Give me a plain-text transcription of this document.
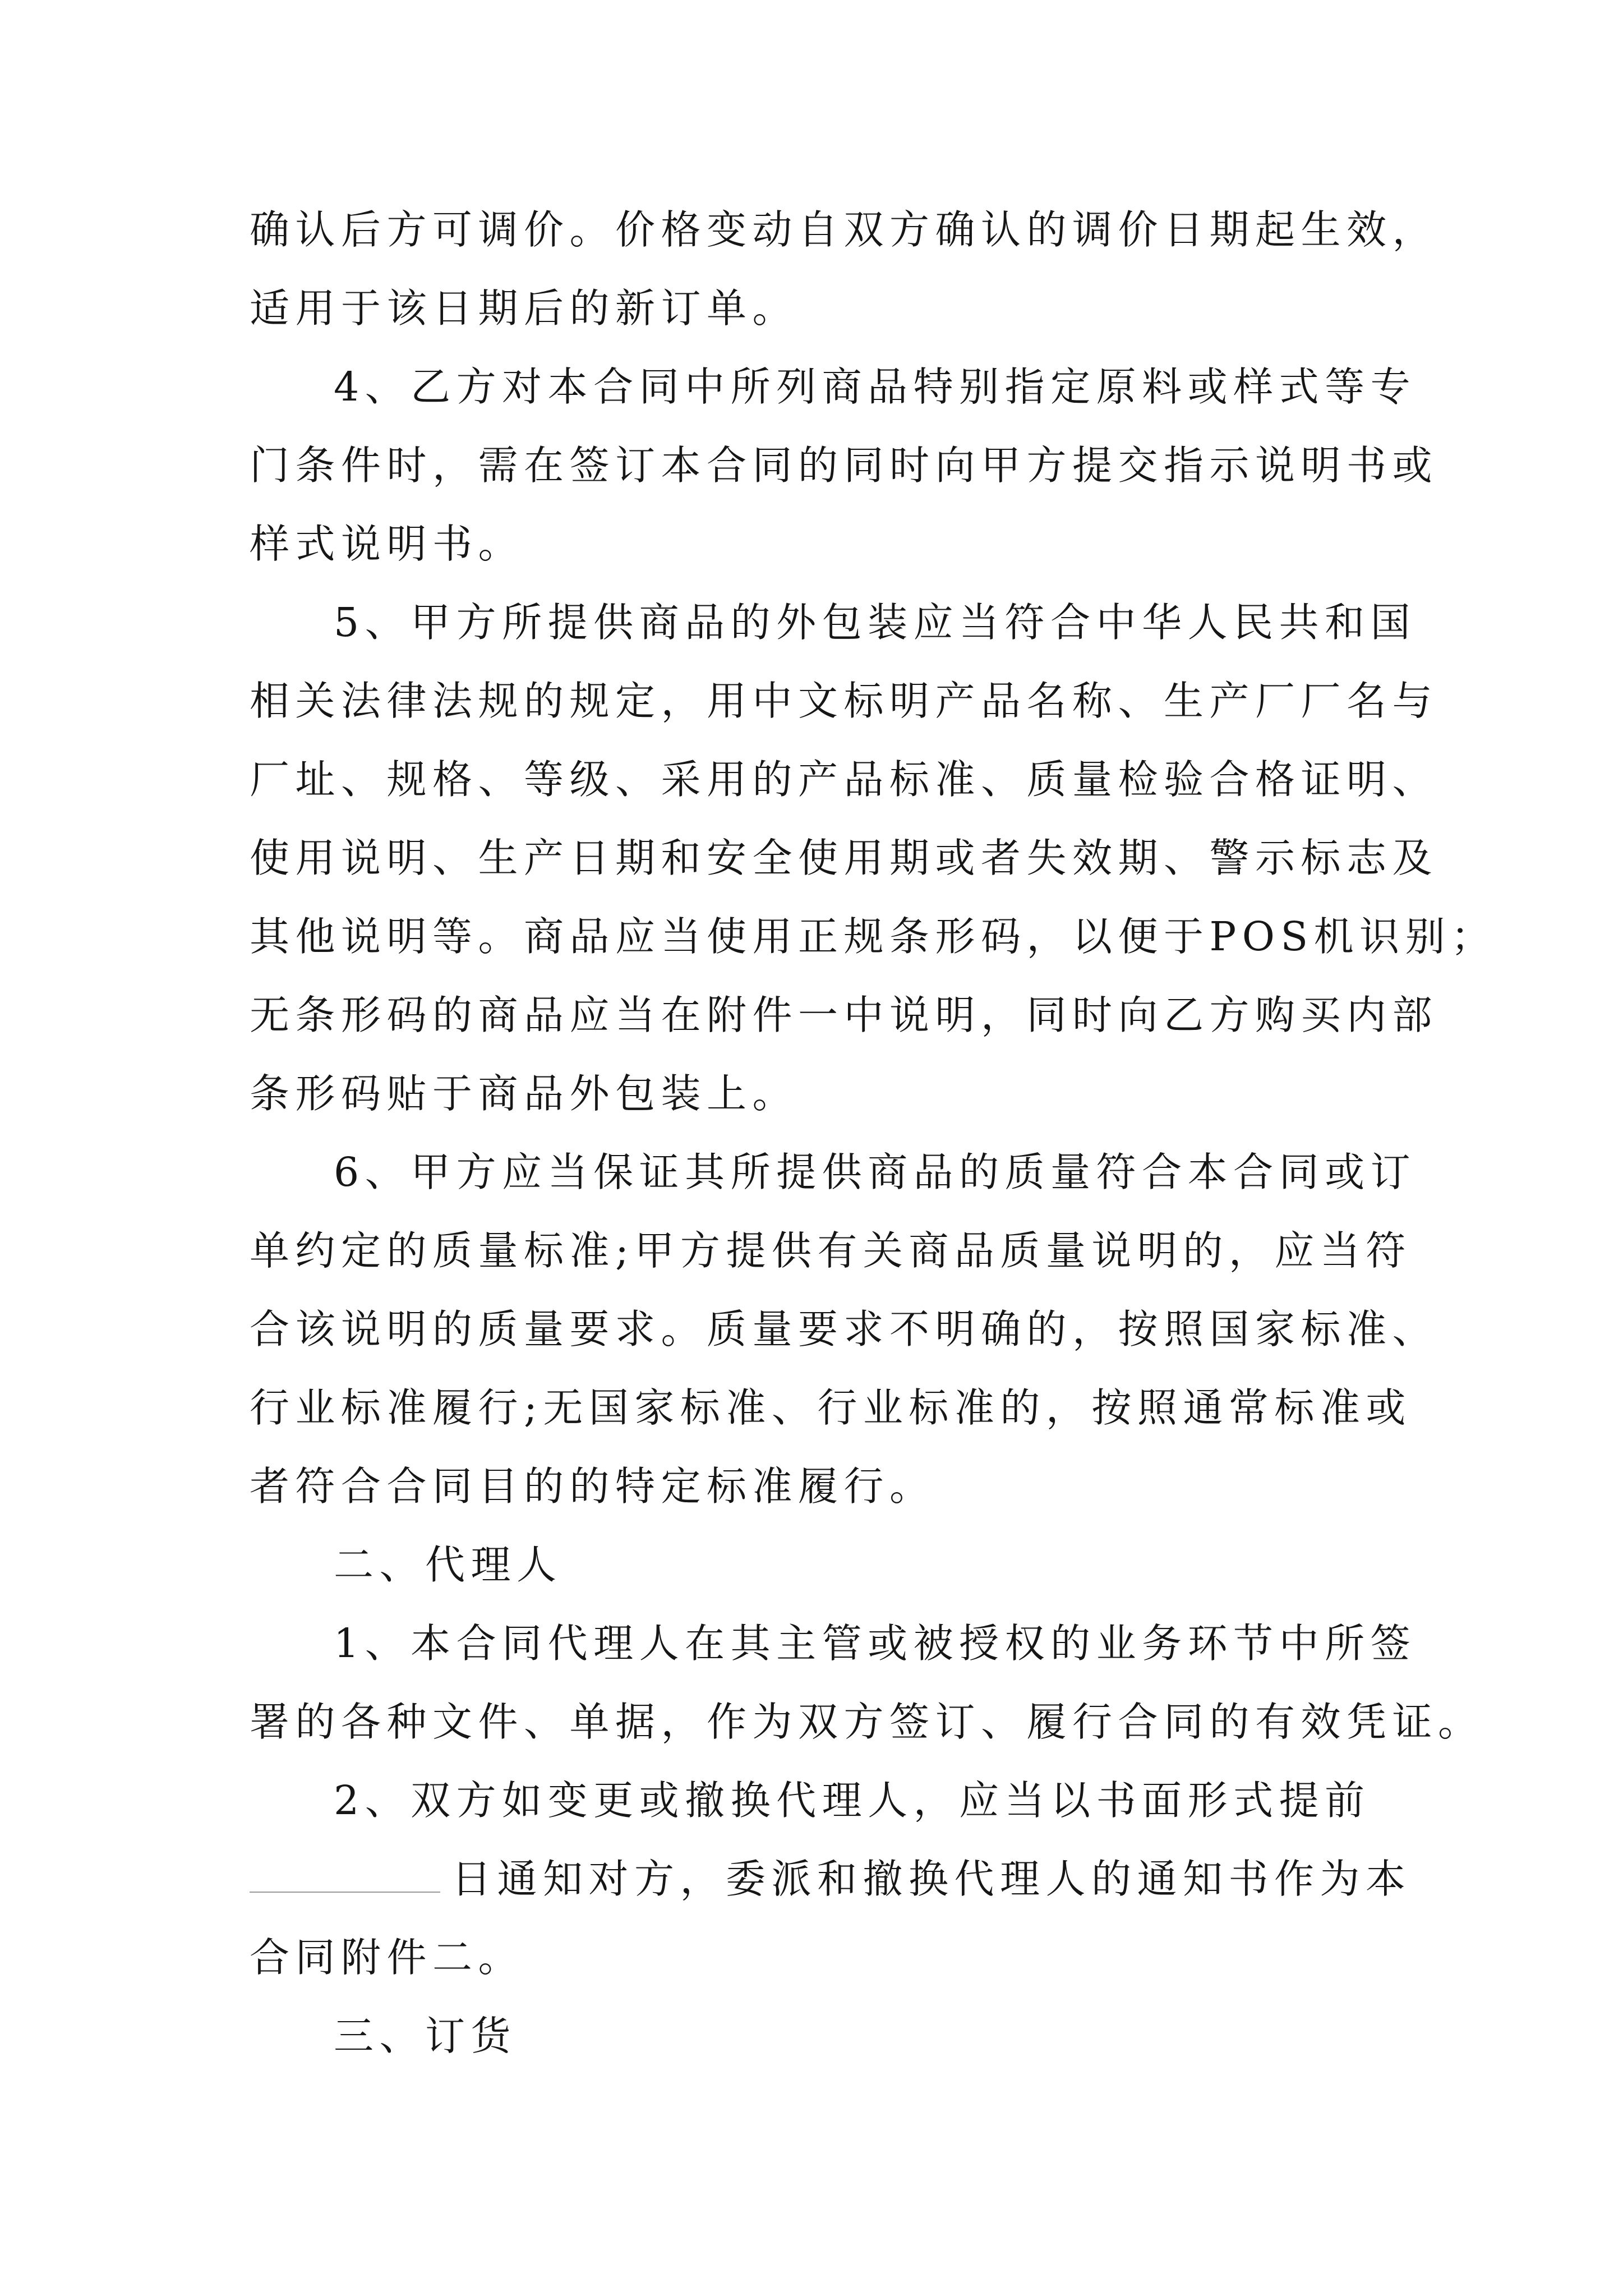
确认后方可调价。价格变动自双方确认的调价日期起生效，
适用于该日期后的新订单。
4、乙方对本合同中所列商品特别指定原料或样式等专
门条件时，需在签订本合同的同时向甲方提交指示说明书或
样式说明书。
5、甲方所提供商品的外包装应当符合中华人民共和国
相关法律法规的规定，用中文标明产品名称、生产厂厂名与
厂址、规格、等级、采用的产品标准、质量检验合格证明、
使用说明、生产日期和安全使用期或者失效期、警示标志及
其他说明等。商品应当使用正规条形码，以便于POS机识别；
无条形码的商品应当在附件一中说明，同时向乙方购买内部
条形码贴于商品外包装上。
6、甲方应当保证其所提供商品的质量符合本合同或订
单约定的质量标准;甲方提供有关商品质量说明的，应当符
合该说明的质量要求。质量要求不明确的，按照国家标准、
行业标准履行;无国家标准、行业标准的，按照通常标准或
者符合合同目的的特定标准履行。
二、代理人
1、本合同代理人在其主管或被授权的业务环节中所签
署的各种文件、单据，作为双方签订、履行合同的有效凭证。
2、双方如变更或撤换代理人，应当以书面形式提前
日通知对方，委派和撤换代理人的通知书作为本
合同附件二。
三、订货
